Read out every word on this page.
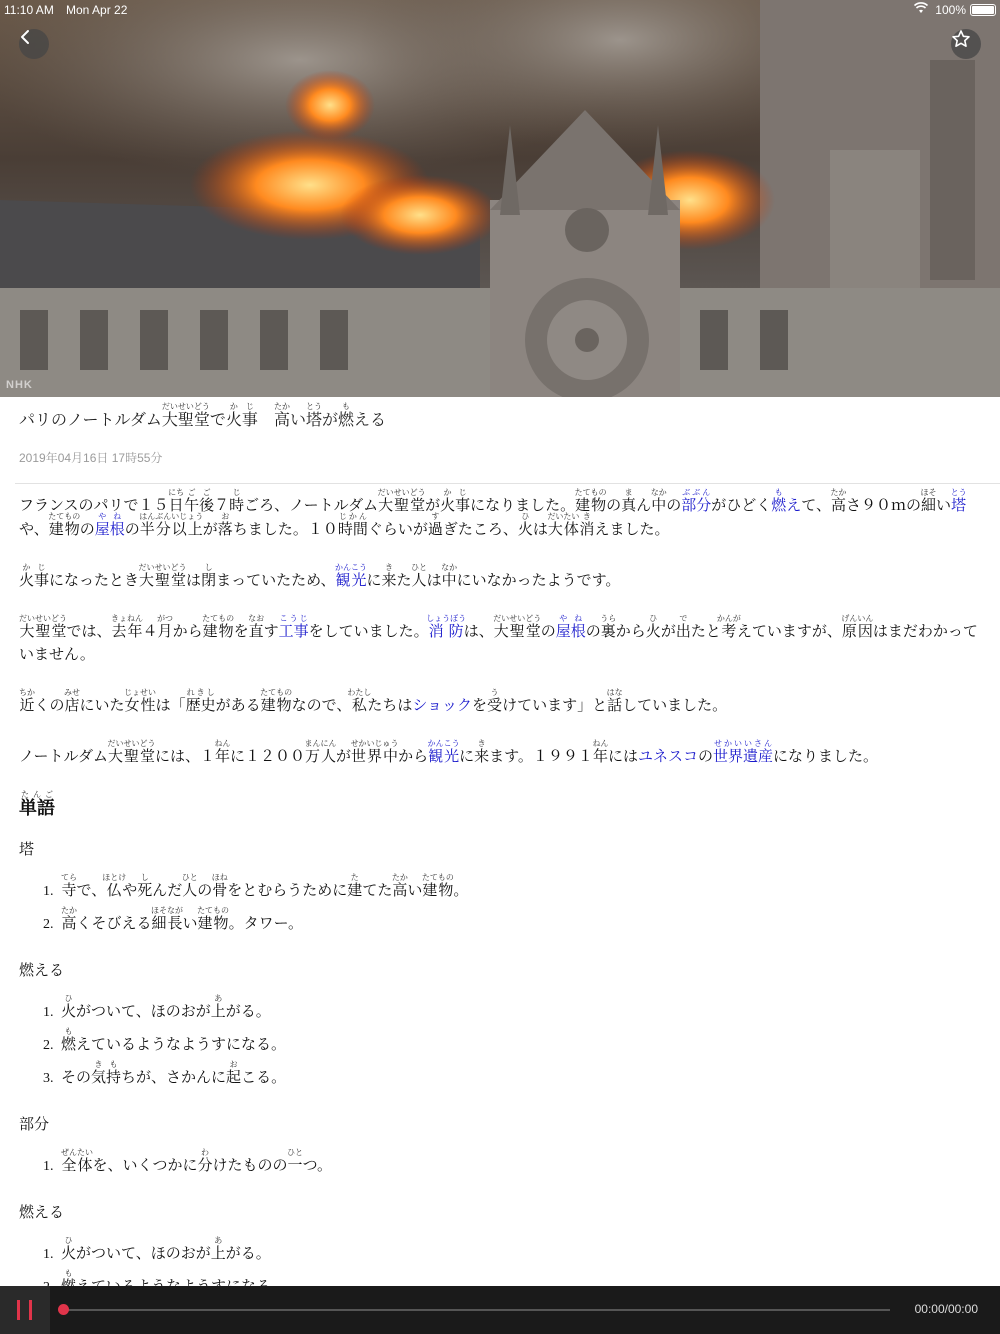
11:10 AM Mon Apr 22	100%
NHK
パリのノートルダム大聖堂だいせいどうで火事かじ　高たかい塔とうが燃もえる
2019年04月16日 17時55分

フランスのパリで１５日にち午ご後ご７時じごろ、ノートルダム大聖堂だいせいどうが火事かじになりました。建物たてものの真まん中なかの部分ぶぶんがひどく燃もえて、高たかさ９０ｍの細ほそい塔とうや、建物たてものの屋根やねの半分以上はんぶんいじょうが落おちました。１０時間じかんぐらいが過すぎたころ、火ひは大体だいたい消きえました。

火事かじになったとき大聖堂だいせいどうは閉しまっていたため、観光かんこうに来きた人ひとは中なかにいなかったようです。

大聖堂だいせいどうでは、去年きょねん４月がつから建物たてものを直なおす工事こうじをしていました。消防しょうぼうは、大聖堂だいせいどうの屋根やねの裏うらから火ひが出でたと考かんがえていますが、原因げんいんはまだわかっていません。

近ちかくの店みせにいた女性じょせいは「歴史れきしがある建物たてものなので、私わたしたちはショックを受うけています」と話はなしていました。

ノートルダム大聖堂だいせいどうには、１年ねんに１２００万人まんにんが世界中せかいじゅうから観光かんこうに来きます。１９９１年ねんにはユネスコの世界遺産せかいいさんになりました。

単語たんご
塔
1. 寺てらで、仏ほとけや死しんだ人ひとの骨ほねをとむらうために建たてた高たかい建物たてもの。
2. 高たかくそびえる細長ほそながい建物たてもの。タワー。
燃える
1. 火ひがついて、ほのおが上あがる。
2. 燃もえているようなようすになる。
3. その気持きもちが、さかんに起おこる。
部分
1. 全体ぜんたいを、いくつかに分わけたものの一ひとつ。
燃える
1. 火ひがついて、ほのおが上あがる。
2. も
00:00/00:00
